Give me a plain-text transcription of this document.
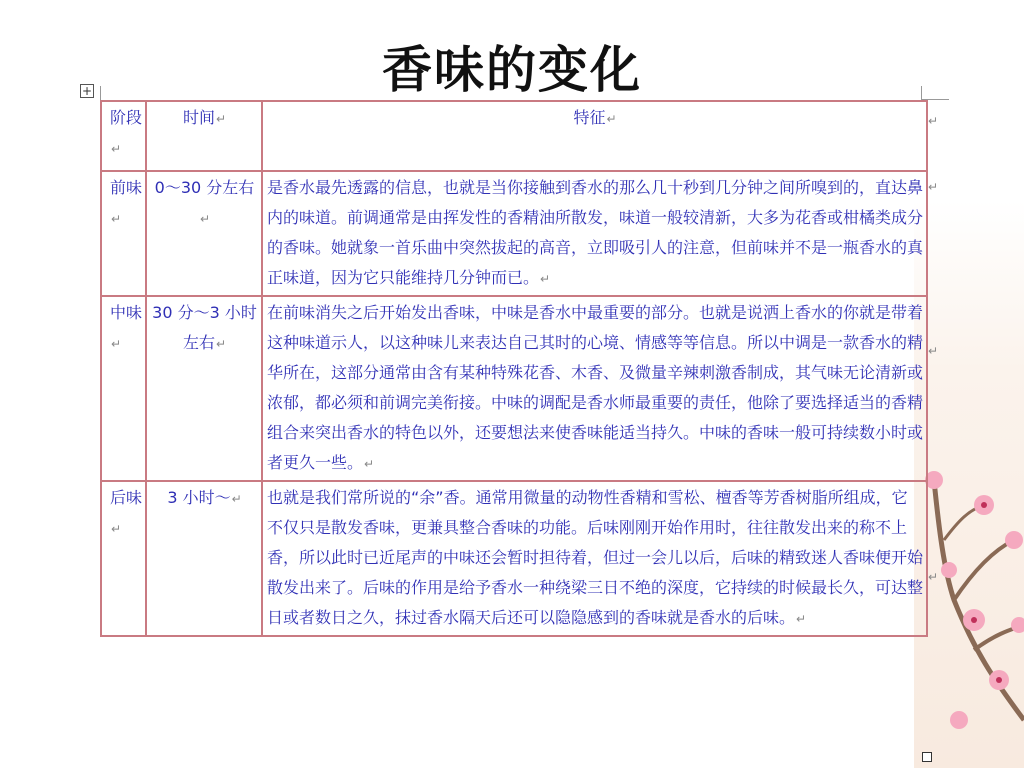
香味的变化
+
阶段↵	时间↵	特征↵
前味↵	0～30 分左右↵	是香水最先透露的信息，也就是当你接触到香水的那么几十秒到几分钟之间所嗅到的，直达鼻内的味道。前调通常是由挥发性的香精油所散发，味道一般较清新，大多为花香或柑橘类成分的香味。她就象一首乐曲中突然拔起的高音，立即吸引人的注意，但前味并不是一瓶香水的真正味道，因为它只能维持几分钟而已。↵
中味↵	30 分～3 小时左右↵	在前味消失之后开始发出香味，中味是香水中最重要的部分。也就是说洒上香水的你就是带着这种味道示人，以这种味儿来表达自己其时的心境、情感等等信息。所以中调是一款香水的精华所在，这部分通常由含有某种特殊花香、木香、及微量辛辣刺激香制成，其气味无论清新或浓郁，都必须和前调完美衔接。中味的调配是香水师最重要的责任，他除了要选择适当的香精组合来突出香水的特色以外，还要想法来使香味能适当持久。中味的香味一般可持续数小时或者更久一些。↵
后味↵	3 小时～↵	也就是我们常所说的“余”香。通常用微量的动物性香精和雪松、檀香等芳香树脂所组成，它不仅只是散发香味，更兼具整合香味的功能。后味刚刚开始作用时，往往散发出来的称不上香，所以此时已近尾声的中味还会暂时担待着，但过一会儿以后，后味的精致迷人香味便开始散发出来了。后味的作用是给予香水一种绕梁三日不绝的深度，它持续的时候最长久，可达整日或者数日之久，抹过香水隔天后还可以隐隐感到的香味就是香水的后味。↵
↵
↵
↵
↵
